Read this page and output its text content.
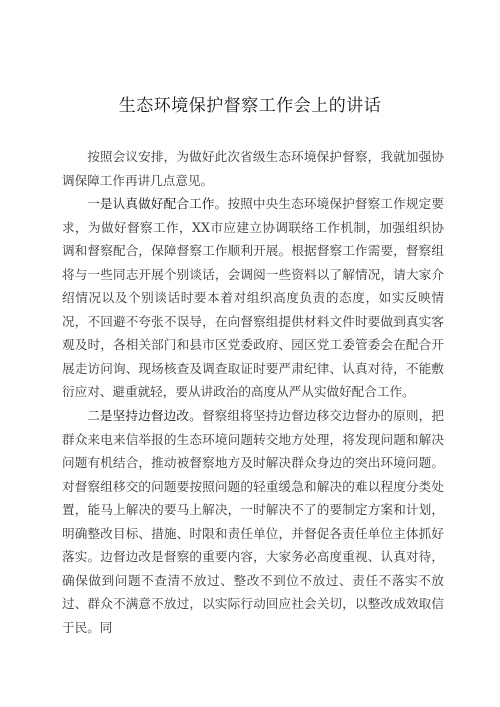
生态环境保护督察工作会上的讲话

按照会议安排，为做好此次省级生态环境保护督察，我就加强协调保障工作再讲几点意见。

一是认真做好配合工作。按照中央生态环境保护督察工作规定要求，为做好督察工作，XX市应建立协调联络工作机制，加强组织协调和督察配合，保障督察工作顺利开展。根据督察工作需要，督察组将与一些同志开展个别谈话，会调阅一些资料以了解情况，请大家介绍情况以及个别谈话时要本着对组织高度负责的态度，如实反映情况，不回避不夸张不误导，在向督察组提供材料文件时要做到真实客观及时，各相关部门和县市区党委政府、园区党工委管委会在配合开展走访问询、现场核查及调查取证时要严肃纪律、认真对待，不能敷衍应对、避重就轻，要从讲政治的高度从严从实做好配合工作。

二是坚持边督边改。督察组将坚持边督边移交边督办的原则，把群众来电来信举报的生态环境问题转交地方处理，将发现问题和解决问题有机结合，推动被督察地方及时解决群众身边的突出环境问题。对督察组移交的问题要按照问题的轻重缓急和解决的难以程度分类处置，能马上解决的要马上解决，一时解决不了的要制定方案和计划，明确整改目标、措施、时限和责任单位，并督促各责任单位主体抓好落实。边督边改是督察的重要内容，大家务必高度重视、认真对待，确保做到问题不查清不放过、整改不到位不放过、责任不落实不放过、群众不满意不放过，以实际行动回应社会关切，以整改成效取信于民。同
